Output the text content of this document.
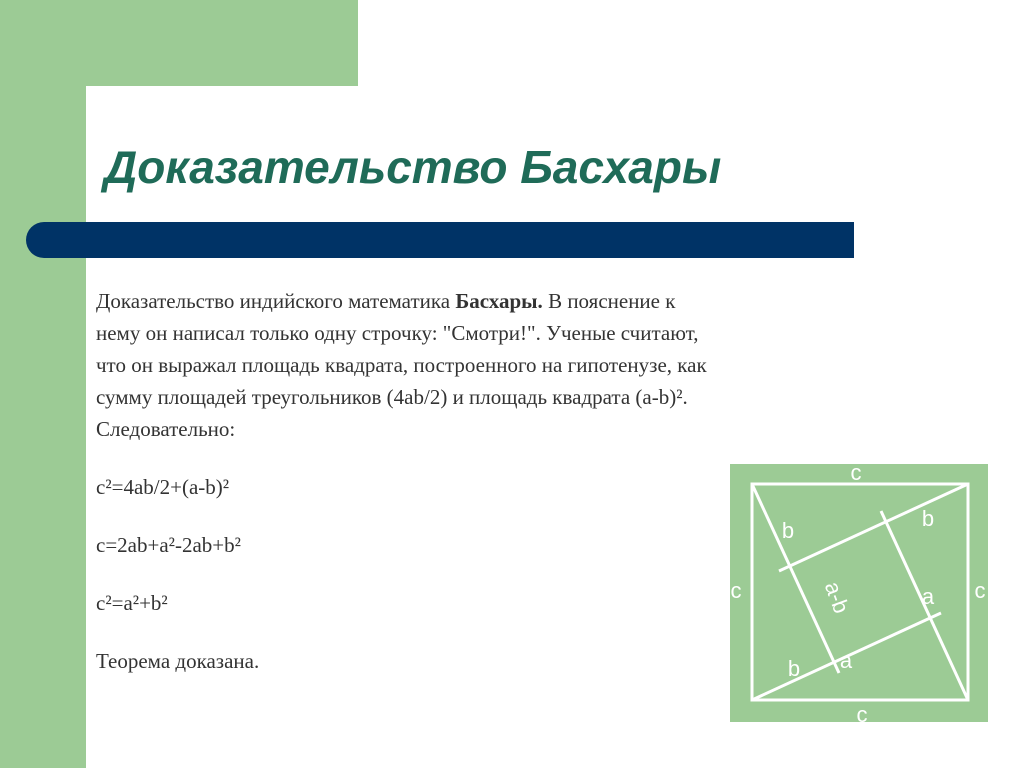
Доказательство Басхары

Доказательство индийского математика Басхары. В пояснение к нему он написал только одну строчку: "Смотри!". Ученые считают, что он выражал площадь квадрата, построенного на гипотенузе, как сумму площадей треугольников (4ab/2) и площадь квадрата (a-b)². Следовательно:

c²=4ab/2+(a-b)²

c=2ab+a²-2ab+b²

c²=a²+b²

Теорема доказана.

c
c	c
c
b	b
b
a
a
a-b
